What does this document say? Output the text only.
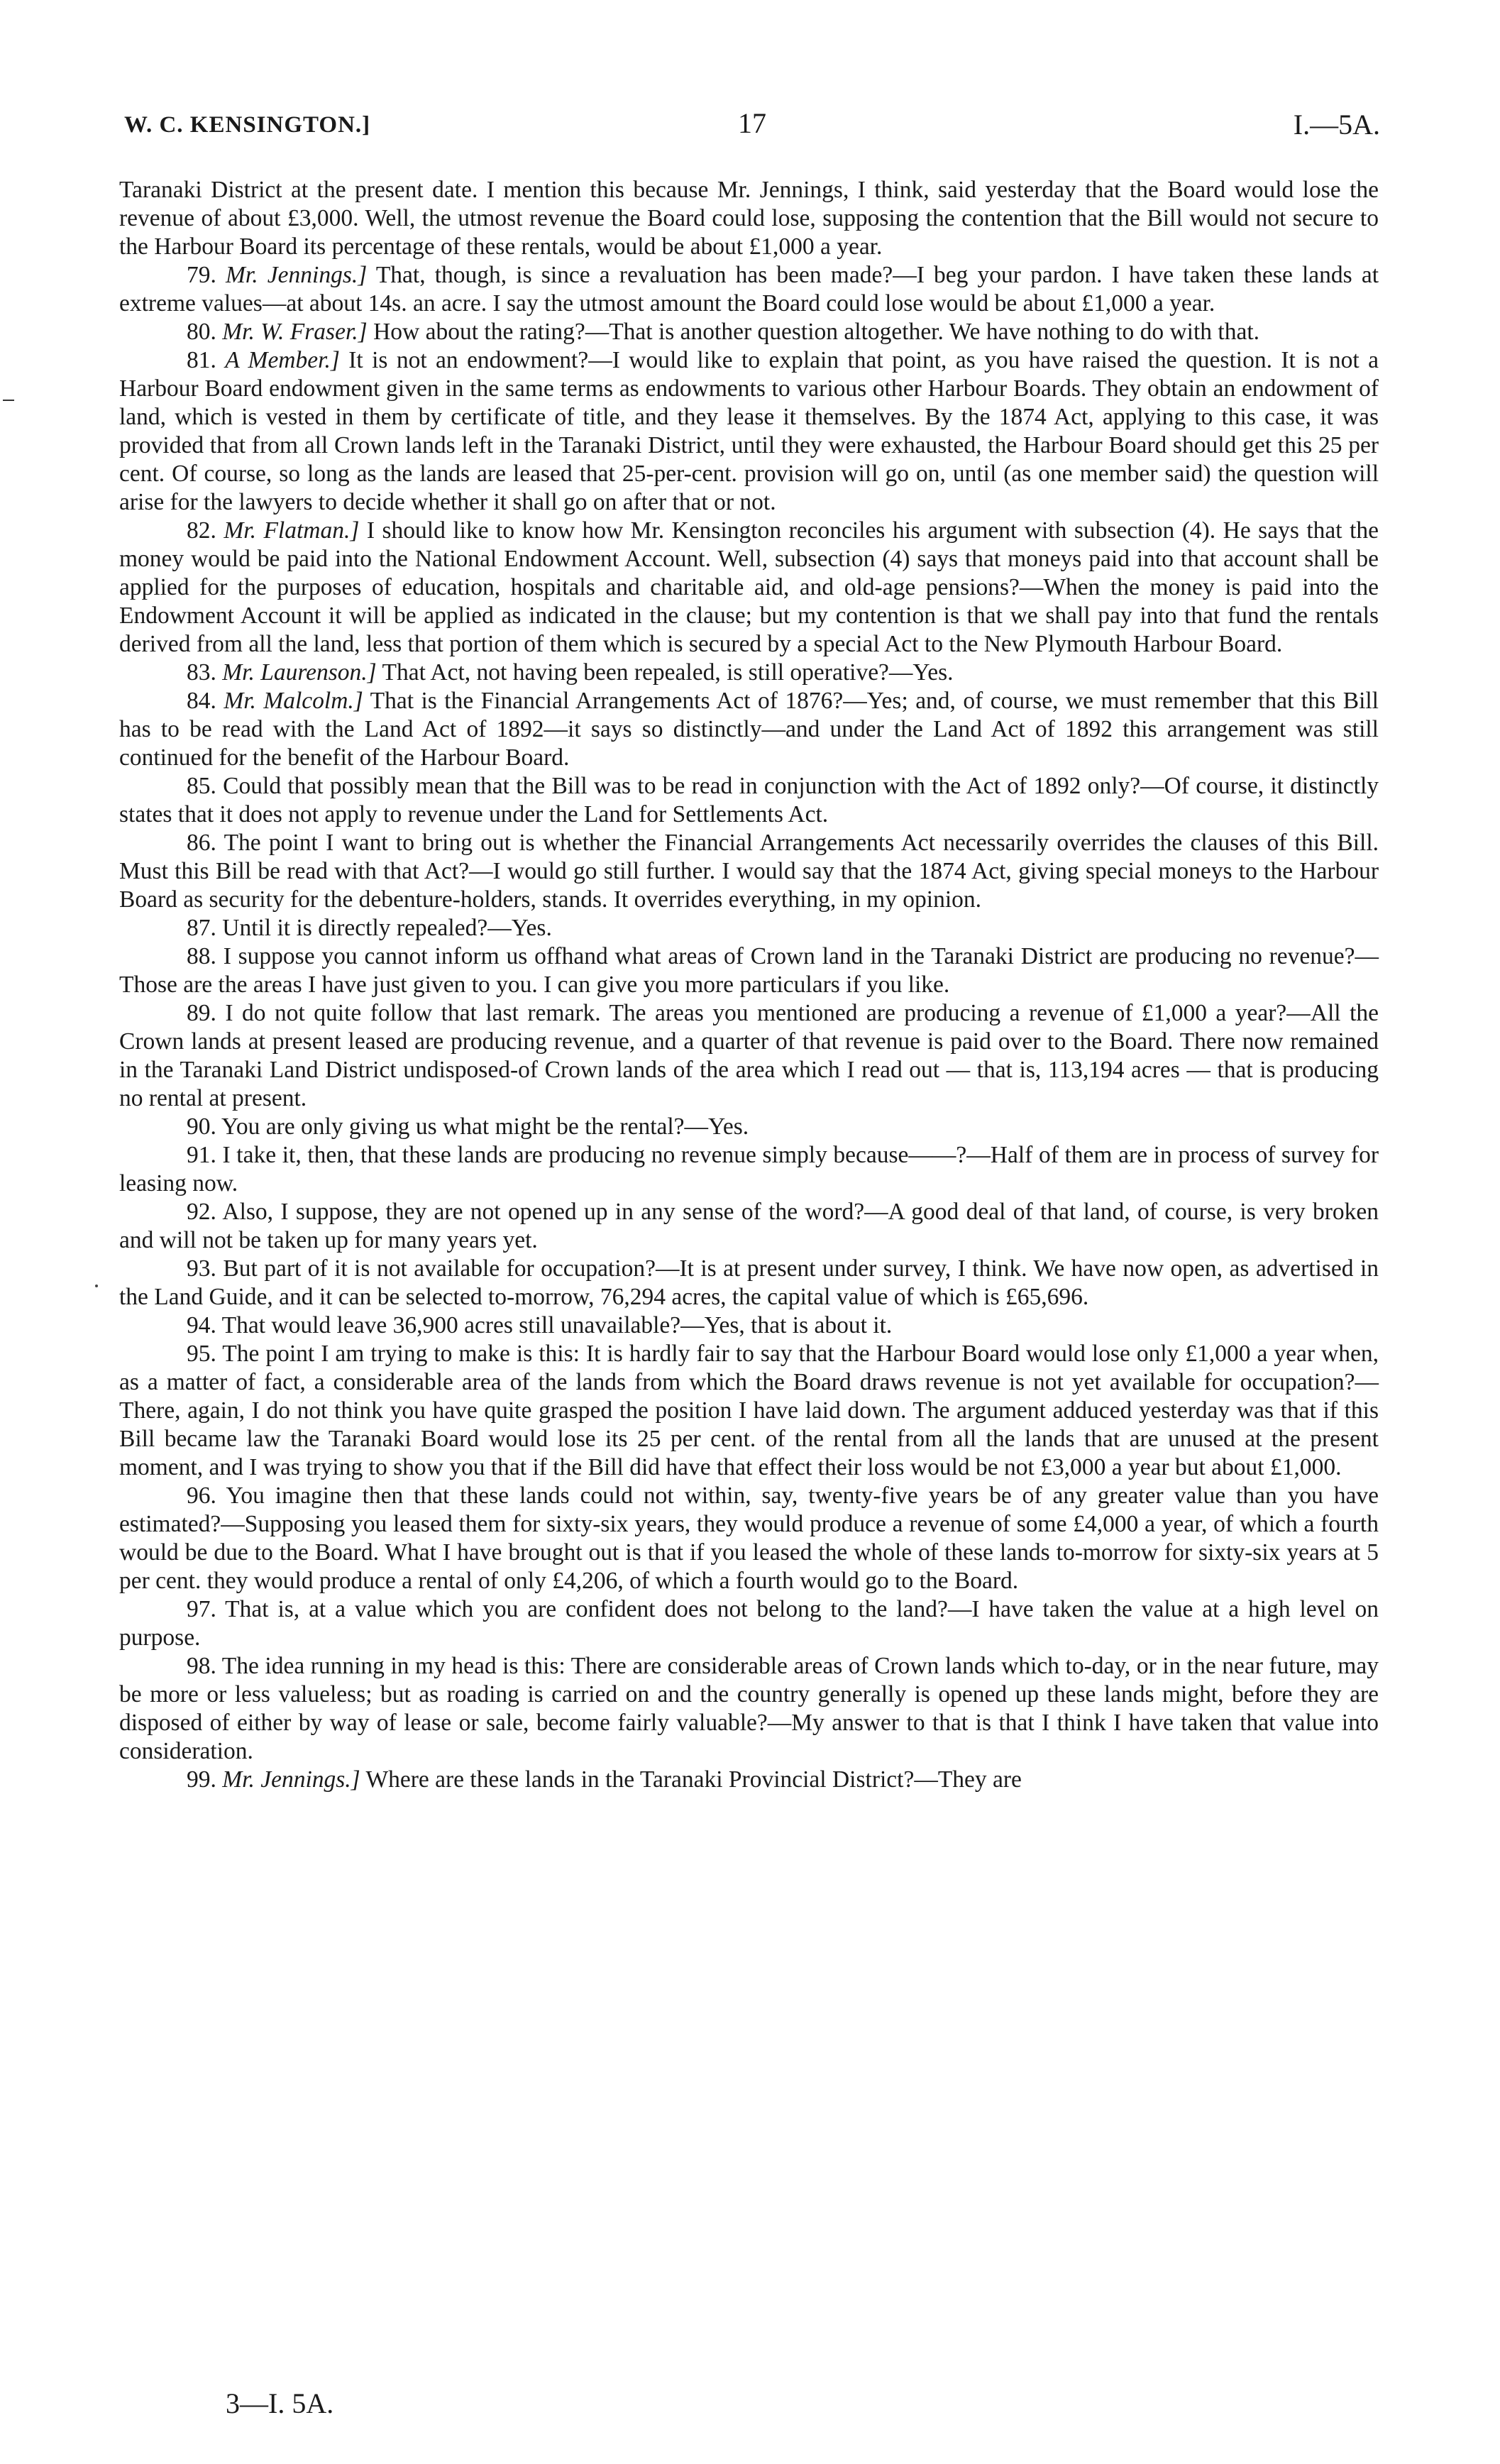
W. C. KENSINGTON.]	17	I.—5A.

Taranaki District at the present date. I mention this because Mr. Jennings, I think, said yesterday that the Board would lose the revenue of about £3,000. Well, the utmost revenue the Board could lose, supposing the contention that the Bill would not secure to the Harbour Board its percentage of these rentals, would be about £1,000 a year.

79. Mr. Jennings.] That, though, is since a revaluation has been made?—I beg your pardon. I have taken these lands at extreme values—at about 14s. an acre. I say the utmost amount the Board could lose would be about £1,000 a year.

80. Mr. W. Fraser.] How about the rating?—That is another question altogether. We have nothing to do with that.

81. A Member.] It is not an endowment?—I would like to explain that point, as you have raised the question. It is not a Harbour Board endowment given in the same terms as endowments to various other Harbour Boards. They obtain an endowment of land, which is vested in them by certificate of title, and they lease it themselves. By the 1874 Act, applying to this case, it was provided that from all Crown lands left in the Taranaki District, until they were exhausted, the Harbour Board should get this 25 per cent. Of course, so long as the lands are leased that 25-per-cent. provision will go on, until (as one member said) the question will arise for the lawyers to decide whether it shall go on after that or not.

82. Mr. Flatman.] I should like to know how Mr. Kensington reconciles his argument with subsection (4). He says that the money would be paid into the National Endowment Account. Well, subsection (4) says that moneys paid into that account shall be applied for the purposes of education, hospitals and charitable aid, and old-age pensions?—When the money is paid into the Endowment Account it will be applied as indicated in the clause; but my contention is that we shall pay into that fund the rentals derived from all the land, less that portion of them which is secured by a special Act to the New Plymouth Harbour Board.

83. Mr. Laurenson.] That Act, not having been repealed, is still operative?—Yes.

84. Mr. Malcolm.] That is the Financial Arrangements Act of 1876?—Yes; and, of course, we must remember that this Bill has to be read with the Land Act of 1892—it says so distinctly—and under the Land Act of 1892 this arrangement was still continued for the benefit of the Harbour Board.

85. Could that possibly mean that the Bill was to be read in conjunction with the Act of 1892 only?—Of course, it distinctly states that it does not apply to revenue under the Land for Settlements Act.

86. The point I want to bring out is whether the Financial Arrangements Act necessarily overrides the clauses of this Bill. Must this Bill be read with that Act?—I would go still further. I would say that the 1874 Act, giving special moneys to the Harbour Board as security for the debenture-holders, stands. It overrides everything, in my opinion.

87. Until it is directly repealed?—Yes.

88. I suppose you cannot inform us offhand what areas of Crown land in the Taranaki District are producing no revenue?—Those are the areas I have just given to you. I can give you more particulars if you like.

89. I do not quite follow that last remark. The areas you mentioned are producing a revenue of £1,000 a year?—All the Crown lands at present leased are producing revenue, and a quarter of that revenue is paid over to the Board. There now remained in the Taranaki Land District undisposed-of Crown lands of the area which I read out — that is, 113,194 acres — that is producing no rental at present.

90. You are only giving us what might be the rental?—Yes.

91. I take it, then, that these lands are producing no revenue simply because——?—Half of them are in process of survey for leasing now.

92. Also, I suppose, they are not opened up in any sense of the word?—A good deal of that land, of course, is very broken and will not be taken up for many years yet.

93. But part of it is not available for occupation?—It is at present under survey, I think. We have now open, as advertised in the Land Guide, and it can be selected to-morrow, 76,294 acres, the capital value of which is £65,696.

94. That would leave 36,900 acres still unavailable?—Yes, that is about it.

95. The point I am trying to make is this: It is hardly fair to say that the Harbour Board would lose only £1,000 a year when, as a matter of fact, a considerable area of the lands from which the Board draws revenue is not yet available for occupation?—There, again, I do not think you have quite grasped the position I have laid down. The argument adduced yesterday was that if this Bill became law the Taranaki Board would lose its 25 per cent. of the rental from all the lands that are unused at the present moment, and I was trying to show you that if the Bill did have that effect their loss would be not £3,000 a year but about £1,000.

96. You imagine then that these lands could not within, say, twenty-five years be of any greater value than you have estimated?—Supposing you leased them for sixty-six years, they would produce a revenue of some £4,000 a year, of which a fourth would be due to the Board. What I have brought out is that if you leased the whole of these lands to-morrow for sixty-six years at 5 per cent. they would produce a rental of only £4,206, of which a fourth would go to the Board.

97. That is, at a value which you are confident does not belong to the land?—I have taken the value at a high level on purpose.

98. The idea running in my head is this: There are considerable areas of Crown lands which to-day, or in the near future, may be more or less valueless; but as roading is carried on and the country generally is opened up these lands might, before they are disposed of either by way of lease or sale, become fairly valuable?—My answer to that is that I think I have taken that value into consideration.

99. Mr. Jennings.] Where are these lands in the Taranaki Provincial District?—They are

3—I. 5A.
